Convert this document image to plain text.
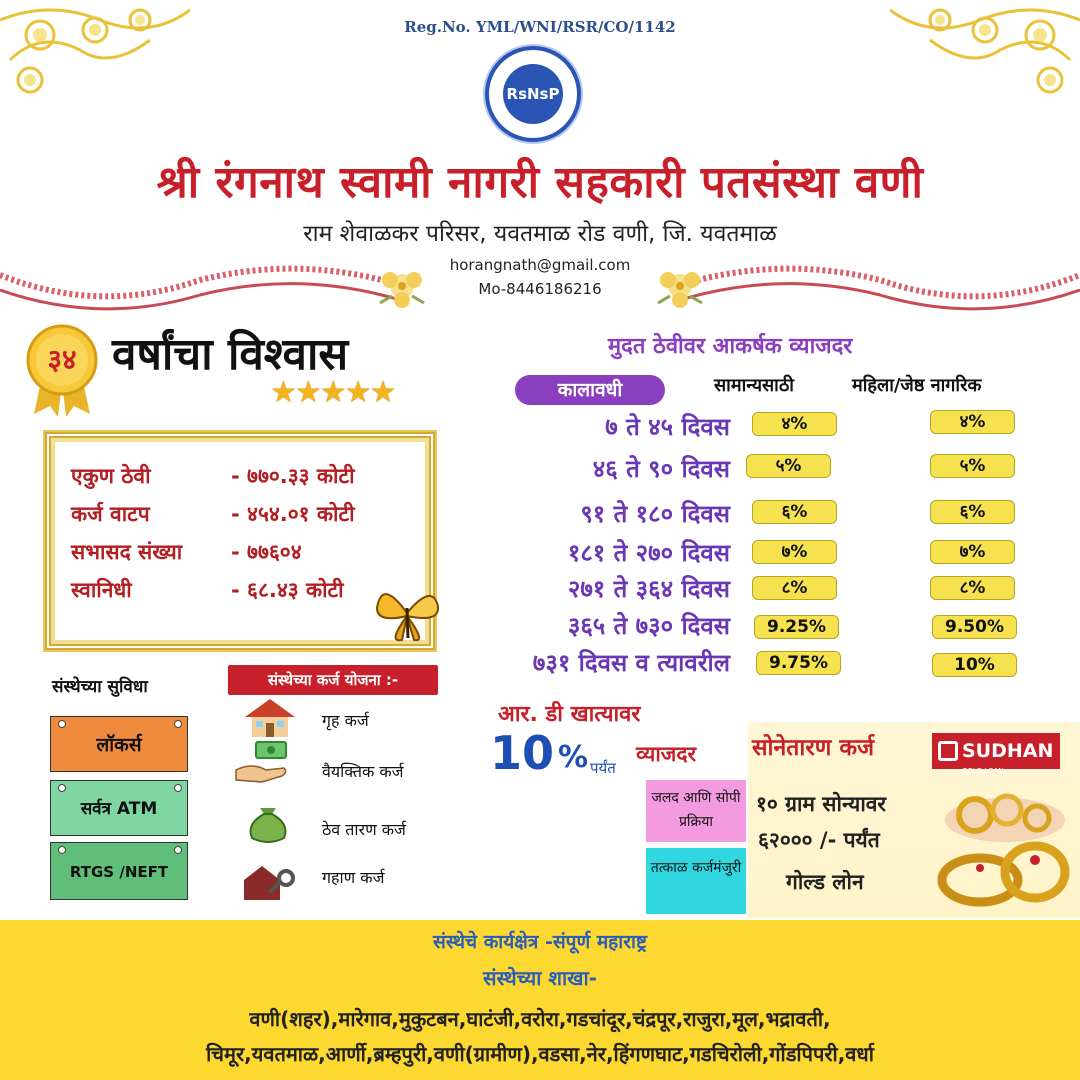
Reg.No. YML/WNI/RSR/CO/1142
RsNsP
श्री रंगनाथ स्वामी नागरी सहकारी पतसंस्था वणी
राम शेवाळकर परिसर, यवतमाळ रोड वणी, जि. यवतमाळ
horangnath@gmail.com
Mo-8446186216
३४ वर्षांचा विश्वास
★★★★★
एकुण ठेवी	- ७७०.३३ कोटी
कर्ज वाटप	- ४५४.०१ कोटी
सभासद संख्या	- ७७६०४
स्वानिधी	- ६८.४३ कोटी
मुदत ठेवीवर आकर्षक व्याजदर
कालावधी	सामान्यसाठी	महिला/जेष्ठ नागरिक
७ ते ४५ दिवस	४%	४%
४६ ते ९० दिवस	५%	५%
९१ ते १८० दिवस	६%	६%
१८१ ते २७० दिवस	७%	७%
२७१ ते ३६४ दिवस	८%	८%
३६५ ते ७३० दिवस	9.25%	9.50%
७३१ दिवस व त्यावरील	9.75%	10%
आर. डी खात्यावर
10 % पर्यंत
व्याजदर
जलद आणि सोपी प्रक्रिया
तत्काळ कर्जमंजुरी
सोनेतारण कर्ज	SUDHAN
GOLD LOAN
१० ग्राम सोन्यावर
६२००० /- पर्यंत
गोल्ड लोन
संस्थेच्या सुविधा
लॉकर्स
सर्वत्र ATM
RTGS /NEFT
संस्थेच्या कर्ज योजना :-
गृह कर्ज
वैयक्तिक कर्ज
ठेव तारण कर्ज
गहाण कर्ज
संस्थेचे कार्यक्षेत्र -संपूर्ण महाराष्ट्र
संस्थेच्या शाखा-
वणी(शहर),मारेगाव,मुकुटबन,घाटंजी,वरोरा,गडचांदूर,चंद्रपूर,राजुरा,मूल,भद्रावती,
चिमूर,यवतमाळ,आर्णी,ब्रम्हपुरी,वणी(ग्रामीण),वडसा,नेर,हिंगणघाट,गडचिरोली,गोंडपिपरी,वर्धा
